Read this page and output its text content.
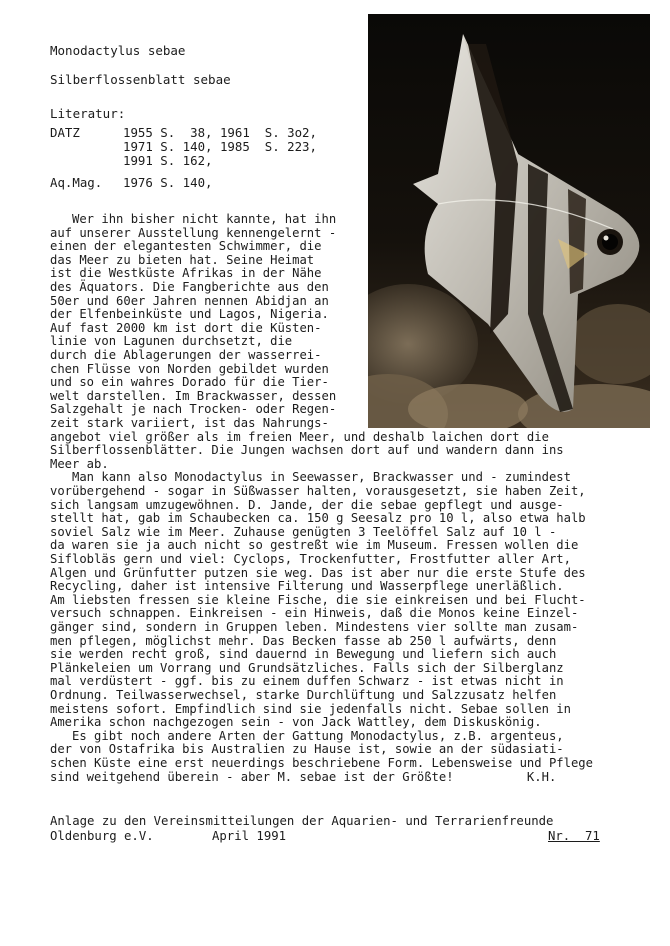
Monodactylus sebae

Silberflossenblatt sebae

Literatur:

DATZ	1955 S.  38, 1961  S. 3o2,

1971 S. 140, 1985  S. 223,

1991 S. 162,

Aq.Mag. 1976 S. 140,

Wer ihn bisher nicht kannte, hat ihn

auf unserer Ausstellung kennengelernt -

einen der elegantesten Schwimmer, die

das Meer zu bieten hat. Seine Heimat

ist die Westküste Afrikas in der Nähe

des Äquators. Die Fangberichte aus den

50er und 60er Jahren nennen Abidjan an

der Elfenbeinküste und Lagos, Nigeria.

Auf fast 2000 km ist dort die Küsten-

linie von Lagunen durchsetzt, die

durch die Ablagerungen der wasserrei-

chen Flüsse von Norden gebildet wurden

und so ein wahres Dorado für die Tier-

welt darstellen. Im Brackwasser, dessen

Salzgehalt je nach Trocken- oder Regen-

zeit stark variiert, ist das Nahrungs-

angebot viel größer als im freien Meer, und deshalb laichen dort die

Silberflossenblätter. Die Jungen wachsen dort auf und wandern dann ins

Meer ab.

Man kann also Monodactylus in Seewasser, Brackwasser und - zumindest

vorübergehend - sogar in Süßwasser halten, vorausgesetzt, sie haben Zeit,

sich langsam umzugewöhnen. D. Jande, der die sebae gepflegt und ausge-

stellt hat, gab im Schaubecken ca. 150 g Seesalz pro 10 l, also etwa halb

soviel Salz wie im Meer. Zuhause genügten 3 Teelöffel Salz auf 10 l -

da waren sie ja auch nicht so gestreßt wie im Museum. Fressen wollen die

Siflobläs gern und viel: Cyclops, Trockenfutter, Frostfutter aller Art,

Algen und Grünfutter putzen sie weg. Das ist aber nur die erste Stufe des

Recycling, daher ist intensive Filterung und Wasserpflege unerläßlich.

Am liebsten fressen sie kleine Fische, die sie einkreisen und bei Flucht-

versuch schnappen. Einkreisen - ein Hinweis, daß die Monos keine Einzel-

gänger sind, sondern in Gruppen leben. Mindestens vier sollte man zusam-

men pflegen, möglichst mehr. Das Becken fasse ab 250 l aufwärts, denn

sie werden recht groß, sind dauernd in Bewegung und liefern sich auch

Plänkeleien um Vorrang und Grundsätzliches. Falls sich der Silberglanz

mal verdüstert - ggf. bis zu einem duffen Schwarz - ist etwas nicht in

Ordnung. Teilwasserwechsel, starke Durchlüftung und Salzzusatz helfen

meistens sofort. Empfindlich sind sie jedenfalls nicht. Sebae sollen in

Amerika schon nachgezogen sein - von Jack Wattley, dem Diskuskönig.

Es gibt noch andere Arten der Gattung Monodactylus, z.B. argenteus,

der von Ostafrika bis Australien zu Hause ist, sowie an der südasiati-

schen Küste eine erst neuerdings beschriebene Form. Lebensweise und Pflege

sind weitgehend überein - aber M. sebae ist der Größte!          K.H.

Anlage zu den Vereinsmitteilungen der Aquarien- und Terrarienfreunde

Oldenburg e.V.	April 1991	Nr.  71
